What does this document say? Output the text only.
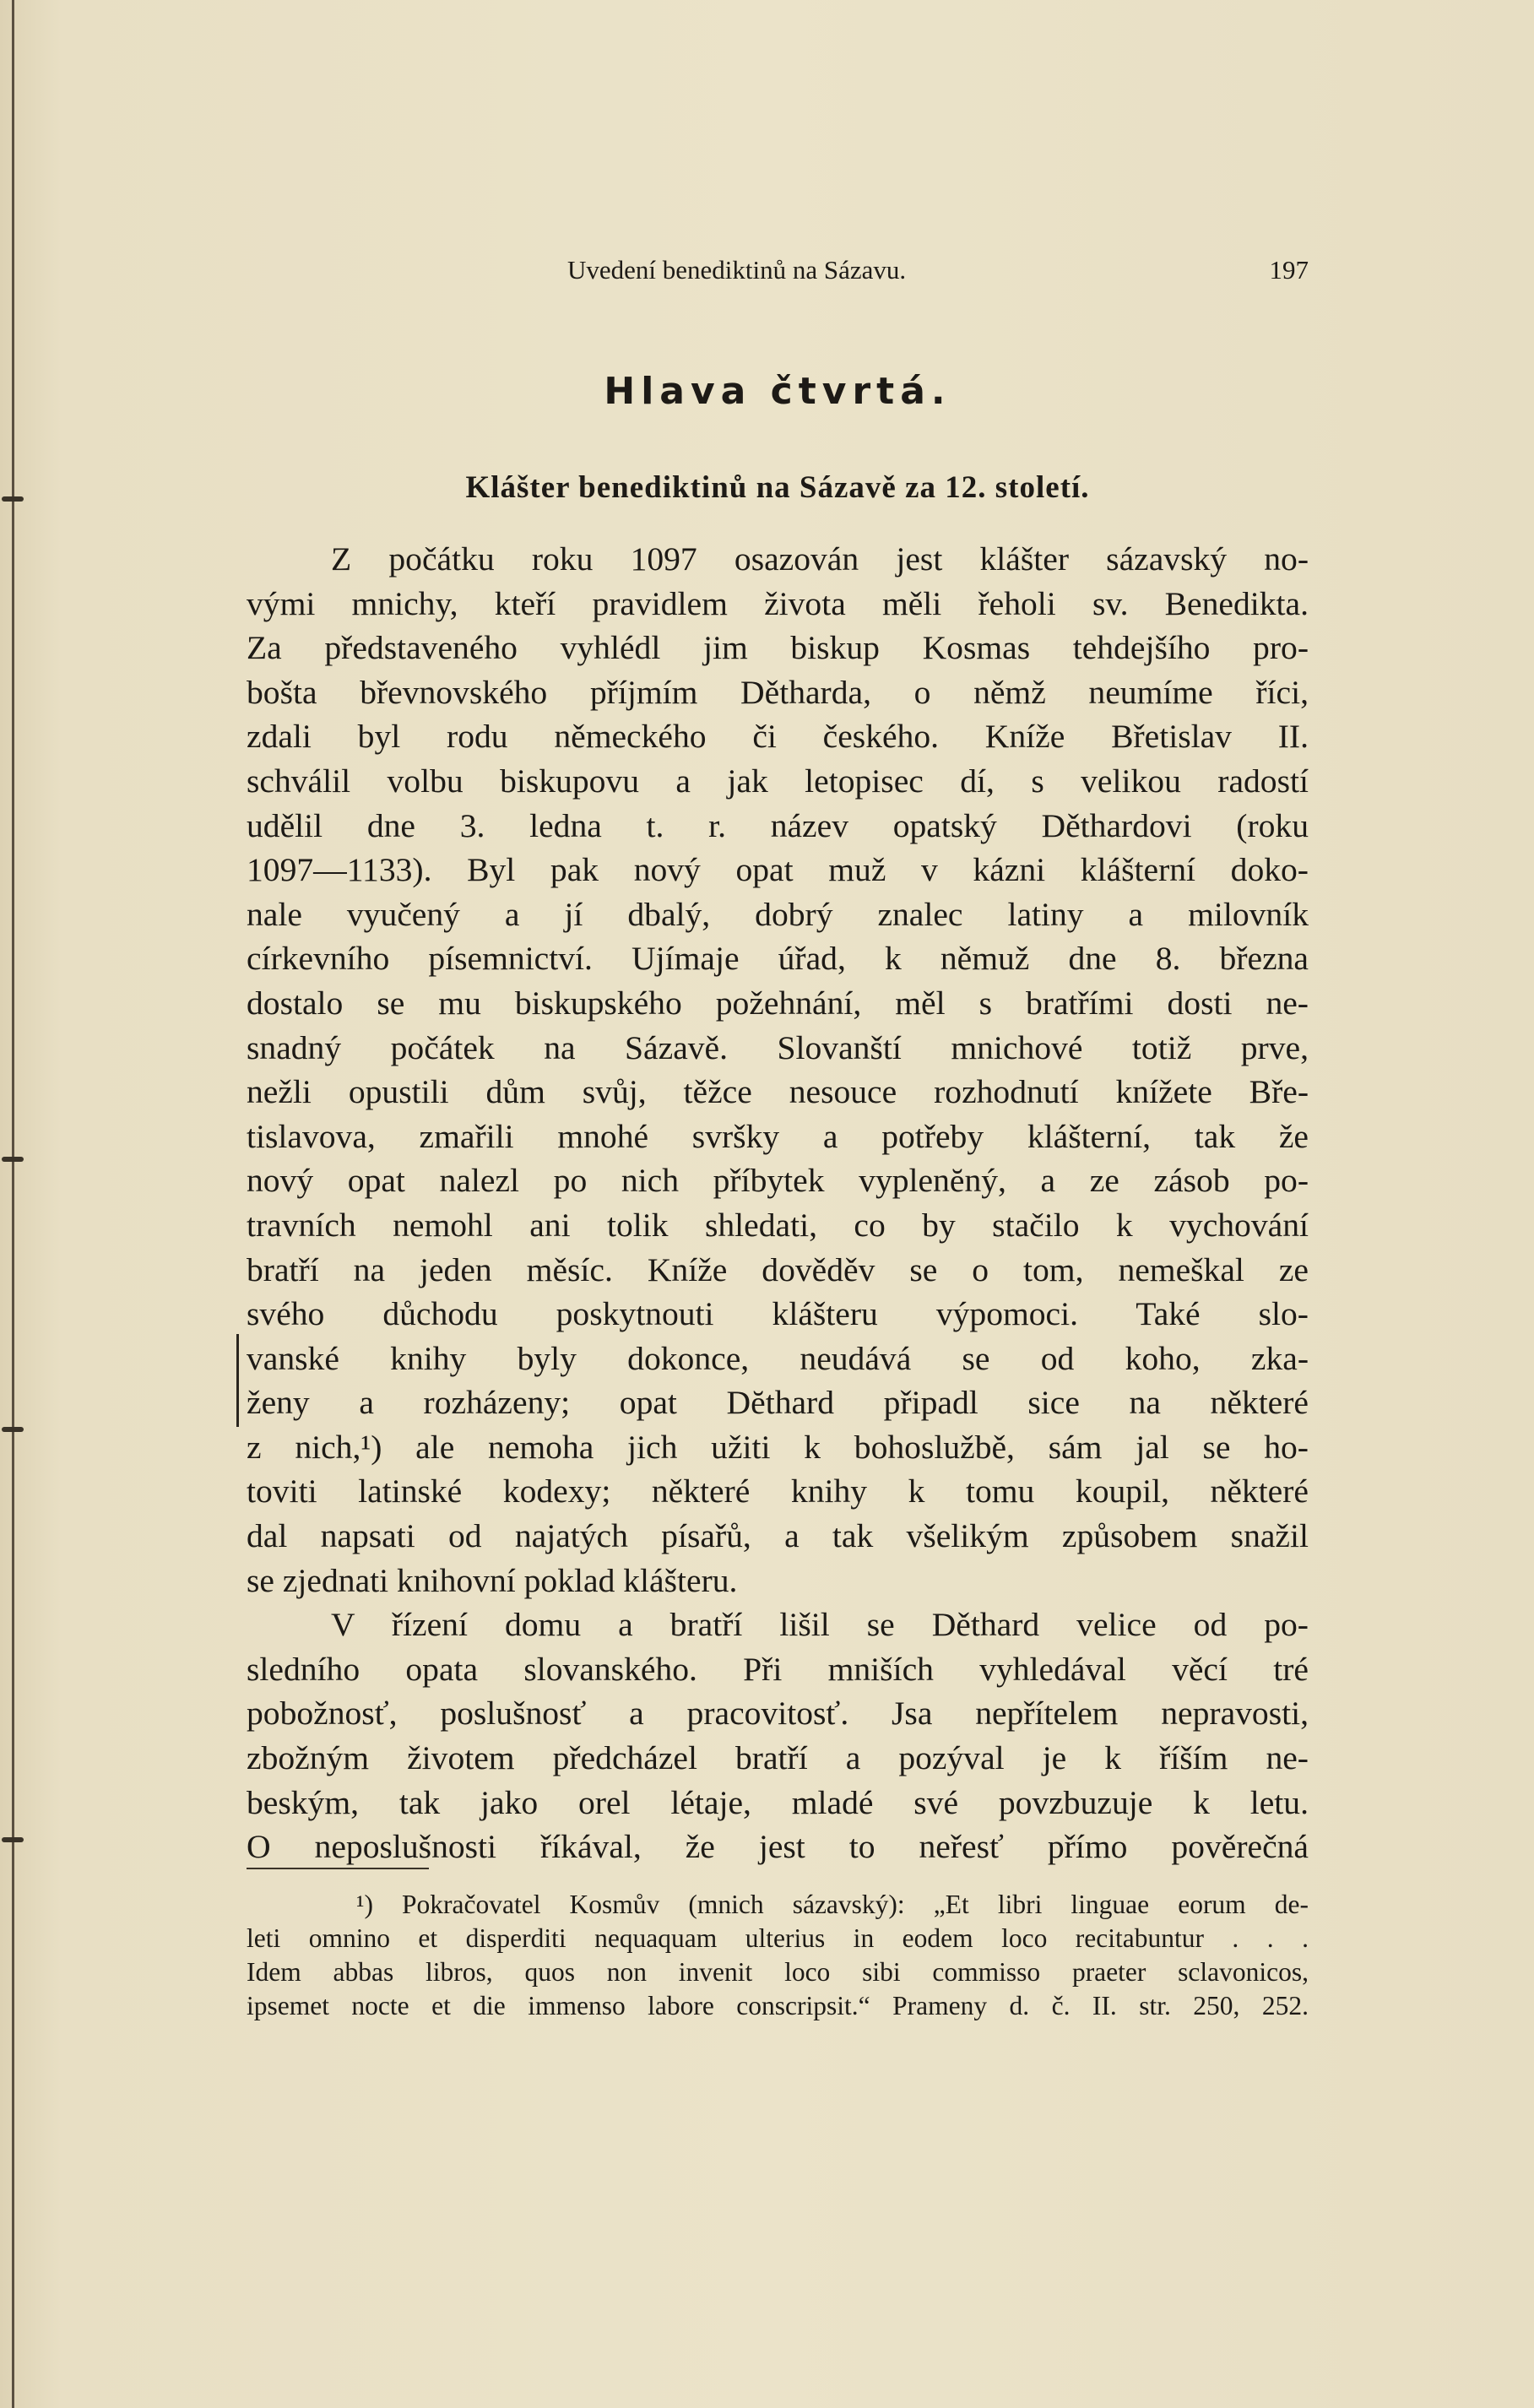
Uvedení benediktinů na Sázavu.	197
Hlava čtvrtá.
Klášter benediktinů na Sázavě za 12. století.
Z počátku roku 1097 osazován jest klášter sázavský no-
vými mnichy, kteří pravidlem života měli řeholi sv. Benedikta.
Za představeného vyhlédl jim biskup Kosmas tehdejšího pro-
bošta břevnovského příjmím Dětharda, o němž neumíme říci,
zdali byl rodu německého či českého. Kníže Břetislav II.
schválil volbu biskupovu a jak letopisec dí, s velikou radostí
udělil dne 3. ledna t. r. název opatský Děthardovi (roku
1097—1133). Byl pak nový opat muž v kázni klášterní doko-
nale vyučený a jí dbalý, dobrý znalec latiny a milovník
církevního písemnictví. Ujímaje úřad, k němuž dne 8. března
dostalo se mu biskupského požehnání, měl s bratřími dosti ne-
snadný počátek na Sázavě. Slovanští mnichové totiž prve,
nežli opustili dům svůj, těžce nesouce rozhodnutí knížete Bře-
tislavova, zmařili mnohé svršky a potřeby klášterní, tak že
nový opat nalezl po nich příbytek vyplenĕný, a ze zásob po-
travních nemohl ani tolik shledati, co by stačilo k vychování
bratří na jeden měsíc. Kníže dověděv se o tom, nemeškal ze
svého důchodu poskytnouti klášteru výpomoci. Také slo-
vanské knihy byly dokonce, neudává se od koho, zka-
ženy a rozházeny; opat Dĕthard připadl sice na některé
z nich,¹) ale nemoha jich užiti k bohoslužbě, sám jal se ho-
toviti latinské kodexy; některé knihy k tomu koupil, některé
dal napsati od najatých písařů, a tak všelikým způsobem snažil
se zjednati knihovní poklad klášteru.
V řízení domu a bratří lišil se Děthard velice od po-
sledního opata slovanského. Při mniších vyhledával věcí tré
pobožnosť, poslušnosť a pracovitosť. Jsa nepřítelem nepravosti,
zbožným životem předcházel bratří a pozýval je k říším ne-
beským, tak jako orel létaje, mladé své povzbuzuje k letu.
O neposlušnosti říkával, že jest to neřesť přímo pověrečná
¹) Pokračovatel Kosmův (mnich sázavský): „Et libri linguae eorum de-
leti omnino et disperditi nequaquam ulterius in eodem loco recitabuntur . . .
Idem abbas libros, quos non invenit loco sibi commisso praeter sclavonicos,
ipsemet nocte et die immenso labore conscripsit.“ Prameny d. č. II. str. 250, 252.
